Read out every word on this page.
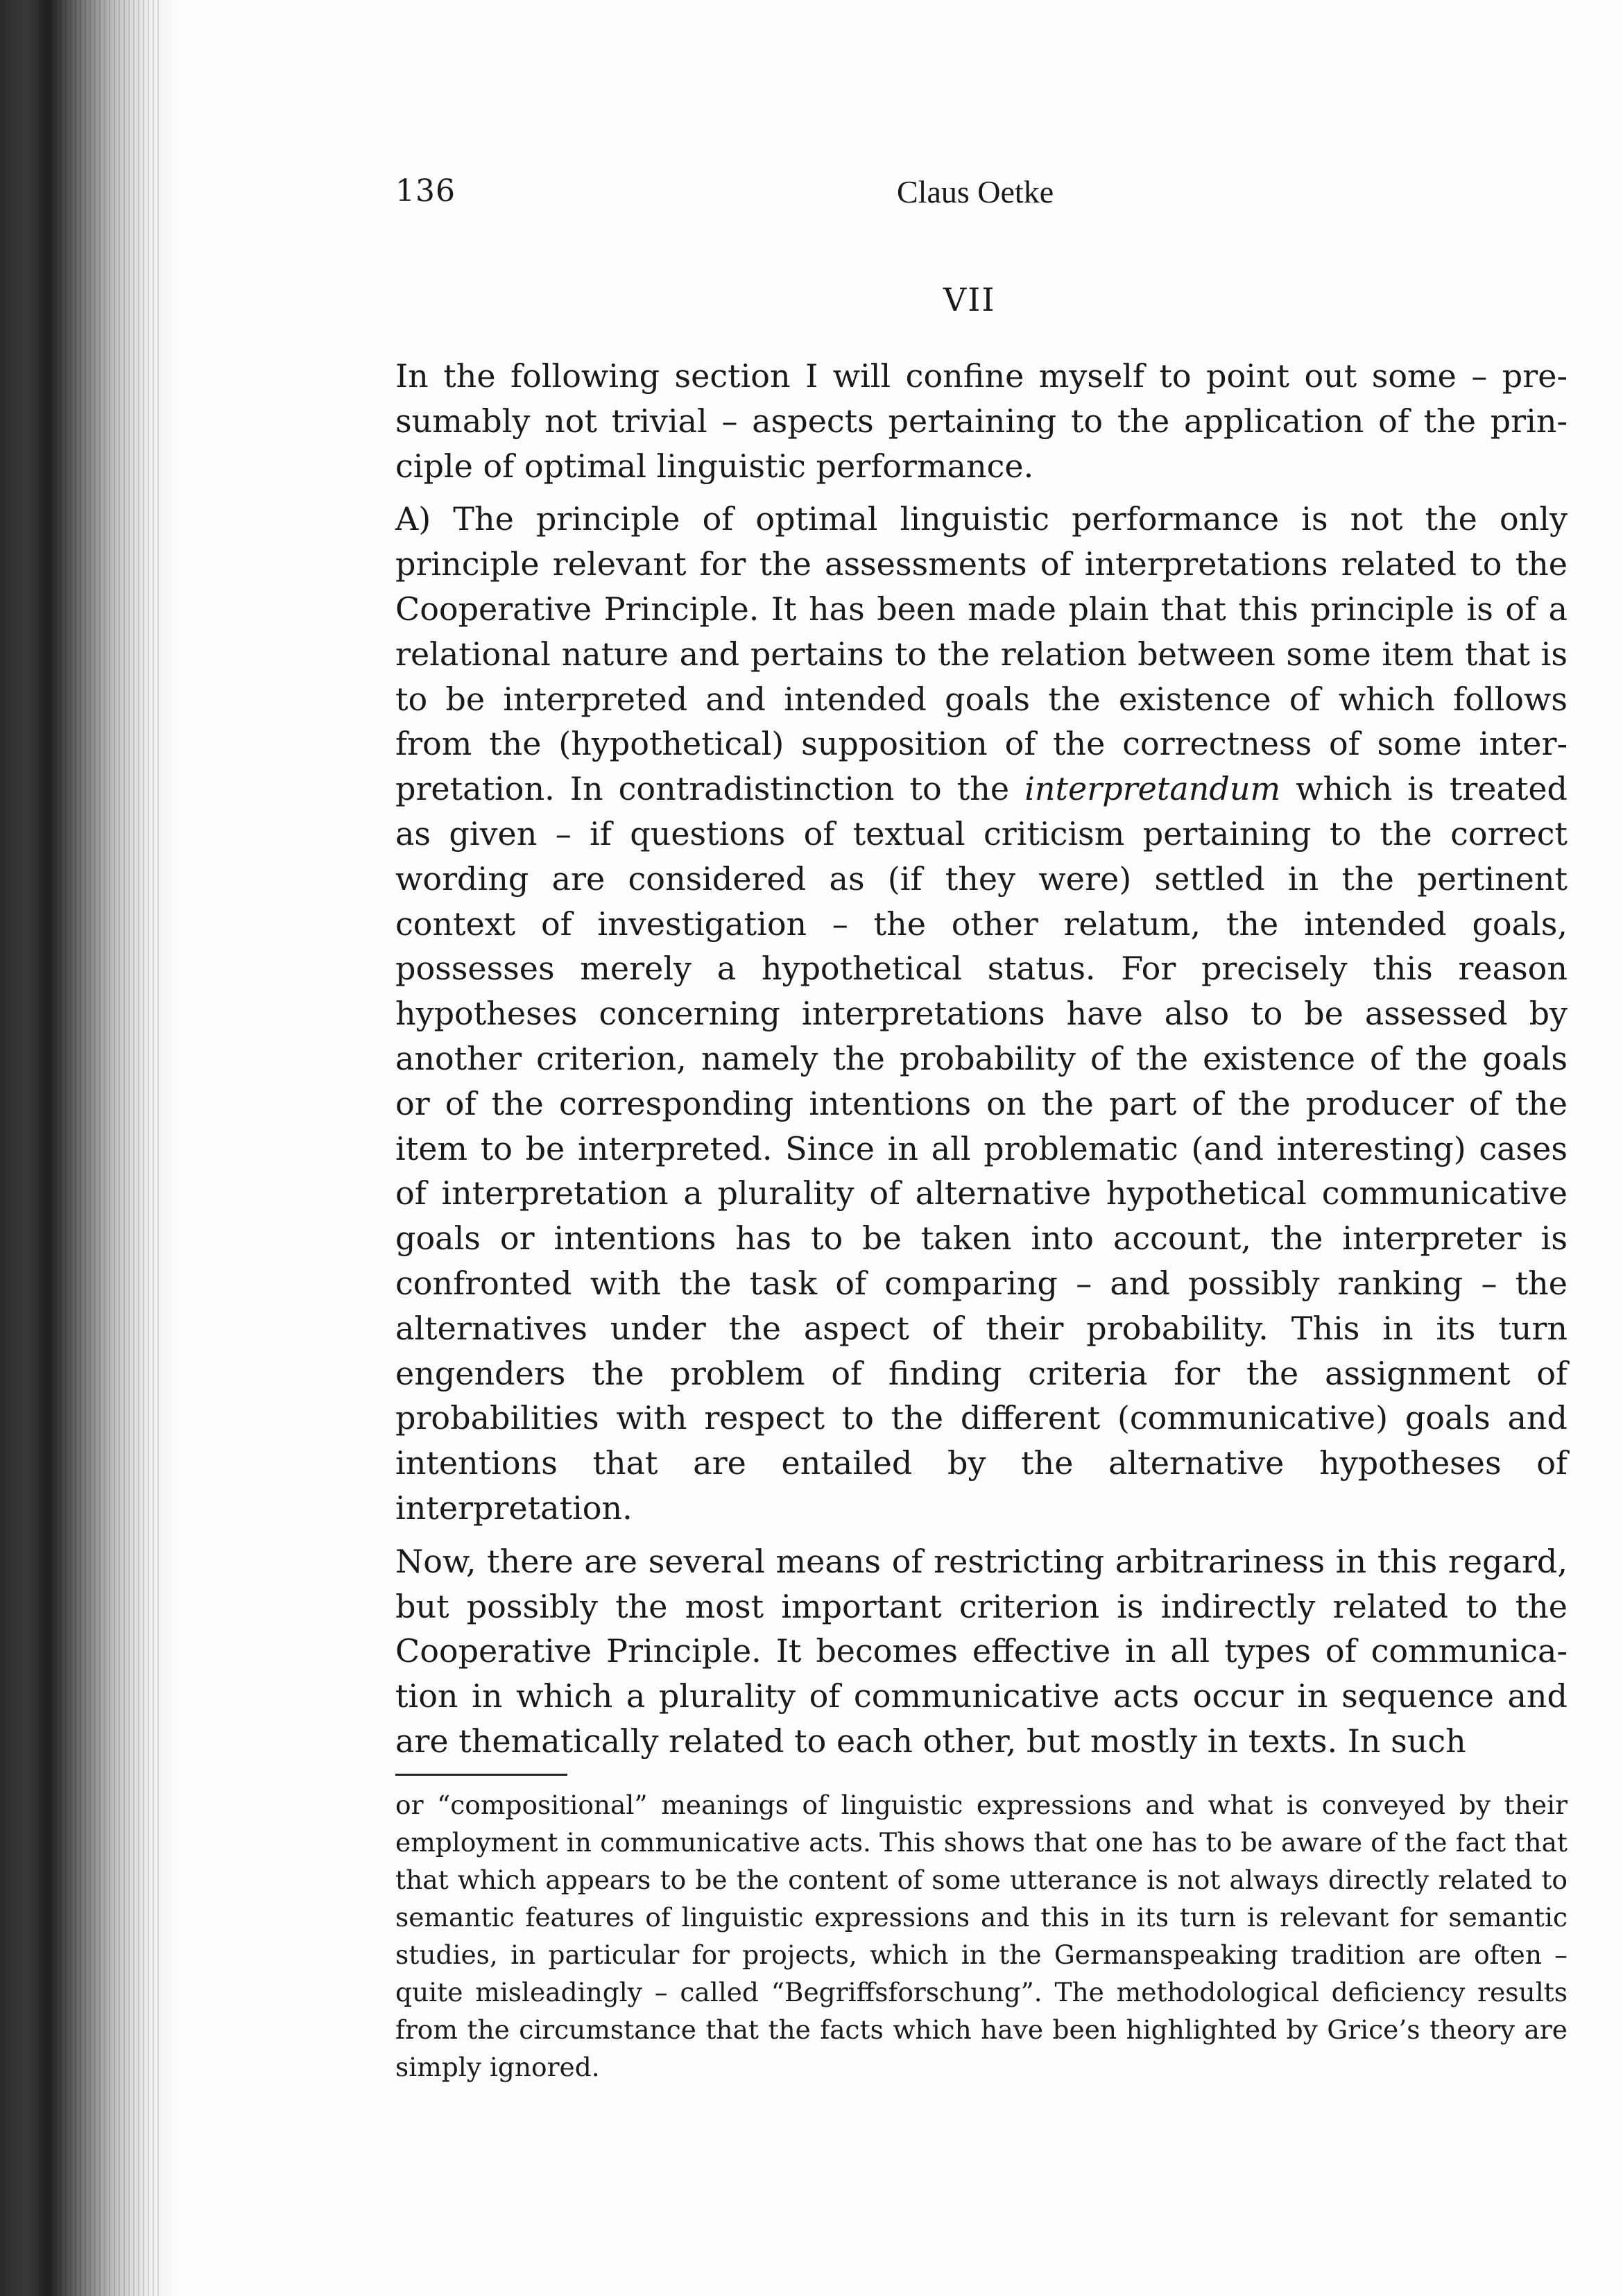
136	Claus Oetke
VII

In the following section I will confine myself to point out some – presumably not trivial – aspects pertaining to the application of the principle of optimal linguistic performance.

A) The principle of optimal linguistic performance is not the only principle relevant for the assessments of interpretations related to the Cooperative Principle. It has been made plain that this principle is of a relational nature and pertains to the relation between some item that is to be interpreted and intended goals the existence of which follows from the (hypothetical) supposition of the correctness of some interpretation. In contradistinction to the interpretandum which is treated as given – if questions of textual criticism pertaining to the correct wording are considered as (if they were) settled in the pertinent context of investigation – the other relatum, the intended goals, possesses merely a hypothetical status. For precisely this reason hypotheses concerning interpretations have also to be assessed by another criterion, namely the probability of the existence of the goals or of the corresponding intentions on the part of the producer of the item to be interpreted. Since in all problematic (and interesting) cases of interpretation a plurality of alternative hypothetical communicative goals or intentions has to be taken into account, the interpreter is confronted with the task of comparing – and possibly ranking – the alternatives under the aspect of their probability. This in its turn engenders the problem of finding criteria for the assignment of probabilities with respect to the different (communicative) goals and intentions that are entailed by the alternative hypotheses of interpretation.

Now, there are several means of restricting arbitrariness in this regard, but possibly the most important criterion is indirectly related to the Cooperative Principle. It becomes effective in all types of communication in which a plurality of communicative acts occur in sequence and are thematically related to each other, but mostly in texts. In such

or “compositional” meanings of linguistic expressions and what is conveyed by their employment in communicative acts. This shows that one has to be aware of the fact that that which appears to be the content of some utterance is not always directly related to semantic features of linguistic expressions and this in its turn is relevant for semantic studies, in particular for projects, which in the Germanspeaking tradition are often – quite misleadingly – called “Begriffsforschung”. The methodological deficiency results from the circumstance that the facts which have been highlighted by Grice’s theory are simply ignored.
